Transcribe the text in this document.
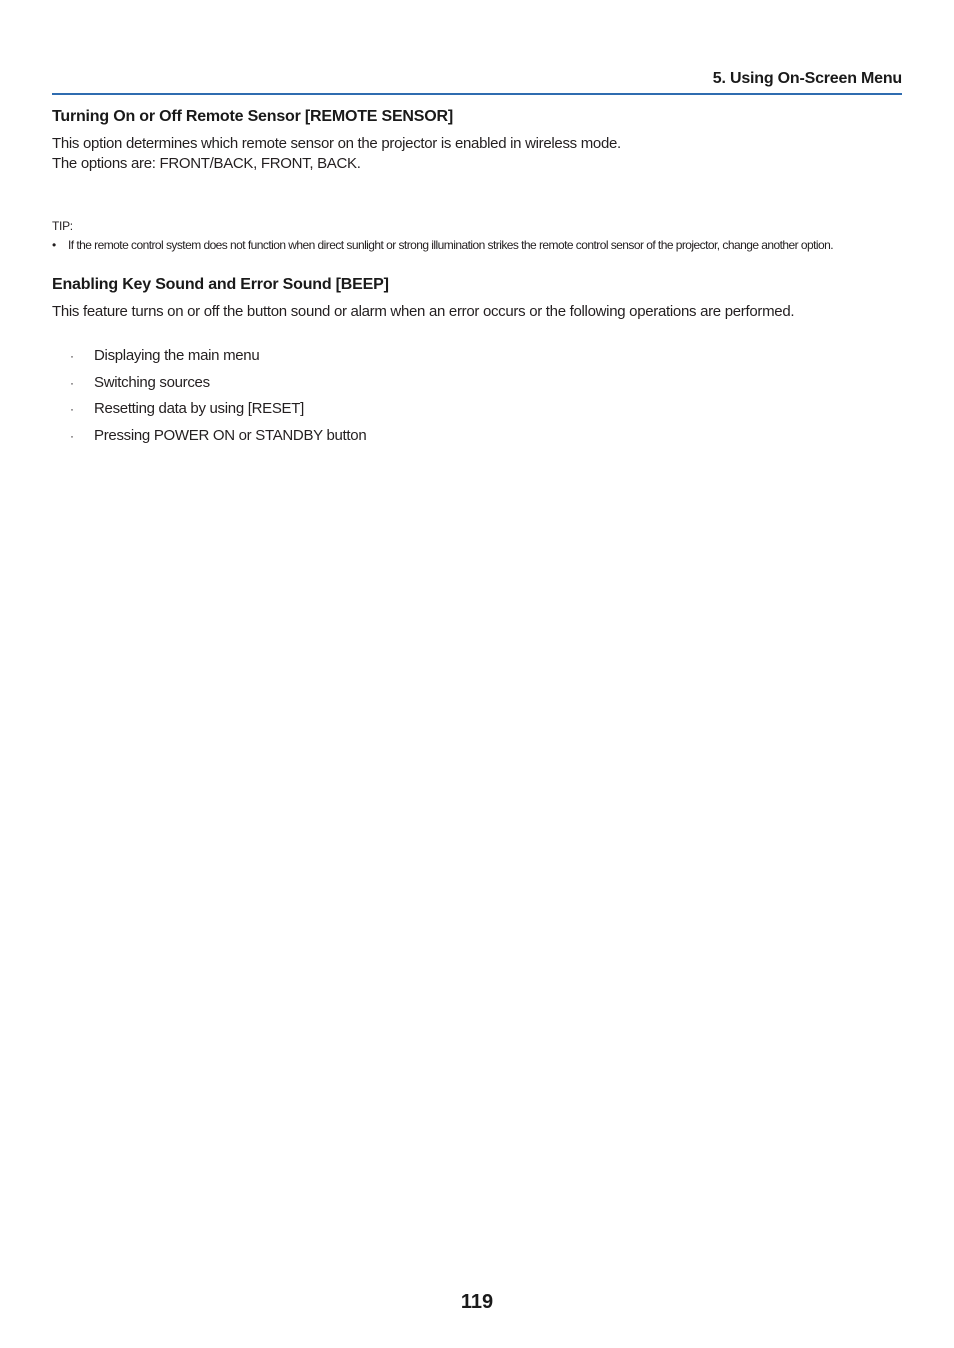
5. Using On-Screen Menu
Turning On or Off Remote Sensor [REMOTE SENSOR]

This option determines which remote sensor on the projector is enabled in wireless mode.

The options are: FRONT/BACK, FRONT, BACK.

TIP:
• If the remote control system does not function when direct sunlight or strong illumination strikes the remote control sensor of the projector, change another option.
Enabling Key Sound and Error Sound [BEEP]

This feature turns on or off the button sound or alarm when an error occurs or the following operations are performed.

· Displaying the main menu
· Switching sources
· Resetting data by using [RESET]
· Pressing POWER ON or STANDBY button
119
